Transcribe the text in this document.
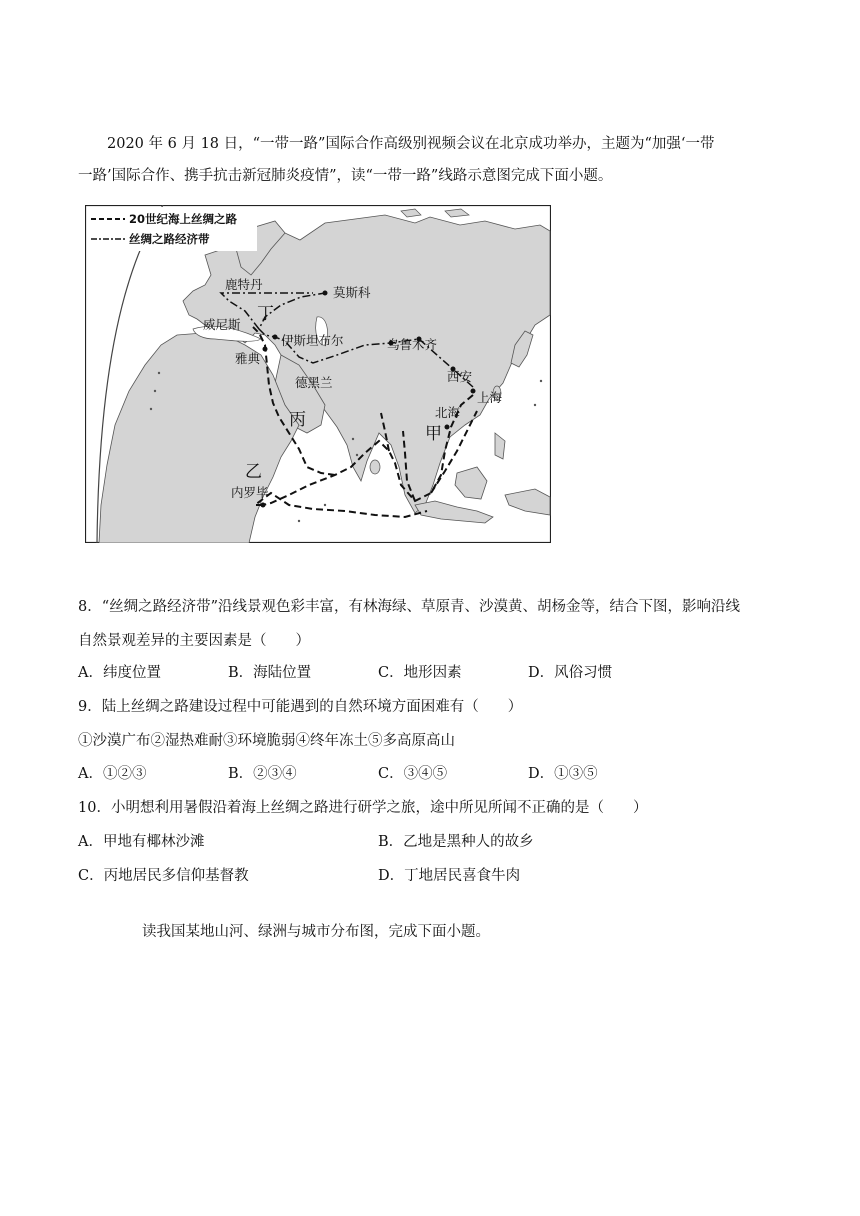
2020 年 6 月 18 日，“一带一路”国际合作高级别视频会议在北京成功举办，主题为“加强‘一带
一路’国际合作、携手抗击新冠肺炎疫情”，读“一带一路”线路示意图完成下面小题。
20世纪海上丝绸之路
丝绸之路经济带
鹿特丹
莫斯科
威尼斯
伊斯坦布尔	乌鲁木齐
雅典
德黑兰	西安
上海
北海
内罗毕
丁
丙
乙
甲
8．“丝绸之路经济带”沿线景观色彩丰富，有林海绿、草原青、沙漠黄、胡杨金等，结合下图，影响沿线
自然景观差异的主要因素是（　　）
A．纬度位置	B．海陆位置	C．地形因素	D．风俗习惯
9．陆上丝绸之路建设过程中可能遇到的自然环境方面困难有（　　）
①沙漠广布②湿热难耐③环境脆弱④终年冻土⑤多高原高山
A．①②③	B．②③④	C．③④⑤	D．①③⑤
10．小明想利用暑假沿着海上丝绸之路进行研学之旅，途中所见所闻不正确的是（　　）
A．甲地有椰林沙滩	B．乙地是黑种人的故乡
C．丙地居民多信仰基督教	D．丁地居民喜食牛肉
读我国某地山河、绿洲与城市分布图，完成下面小题。
